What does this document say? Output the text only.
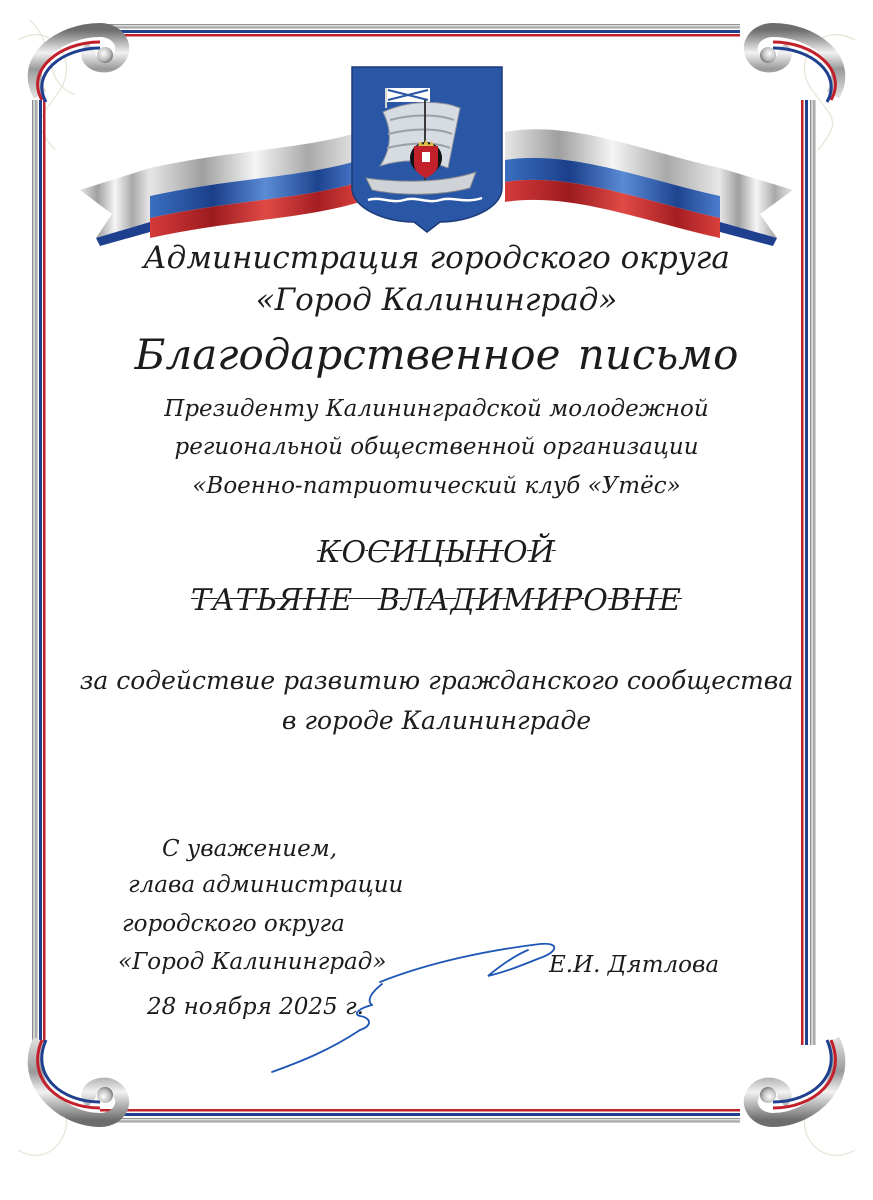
Администрация городского округа
«Город Калининград»
Благодарственное письмо
Президенту Калининградской молодежной
региональной общественной организации
«Военно-патриотический клуб «Утёс»
КОСИЦЫНОЙ
ТАТЬЯНЕ ВЛАДИМИРОВНЕ
за содействие развитию гражданского сообщества
в городе Калининграде
С уважением,
глава администрации
городского округа
«Город Калининград»
28 ноября 2025 г.
Е.И. Дятлова
